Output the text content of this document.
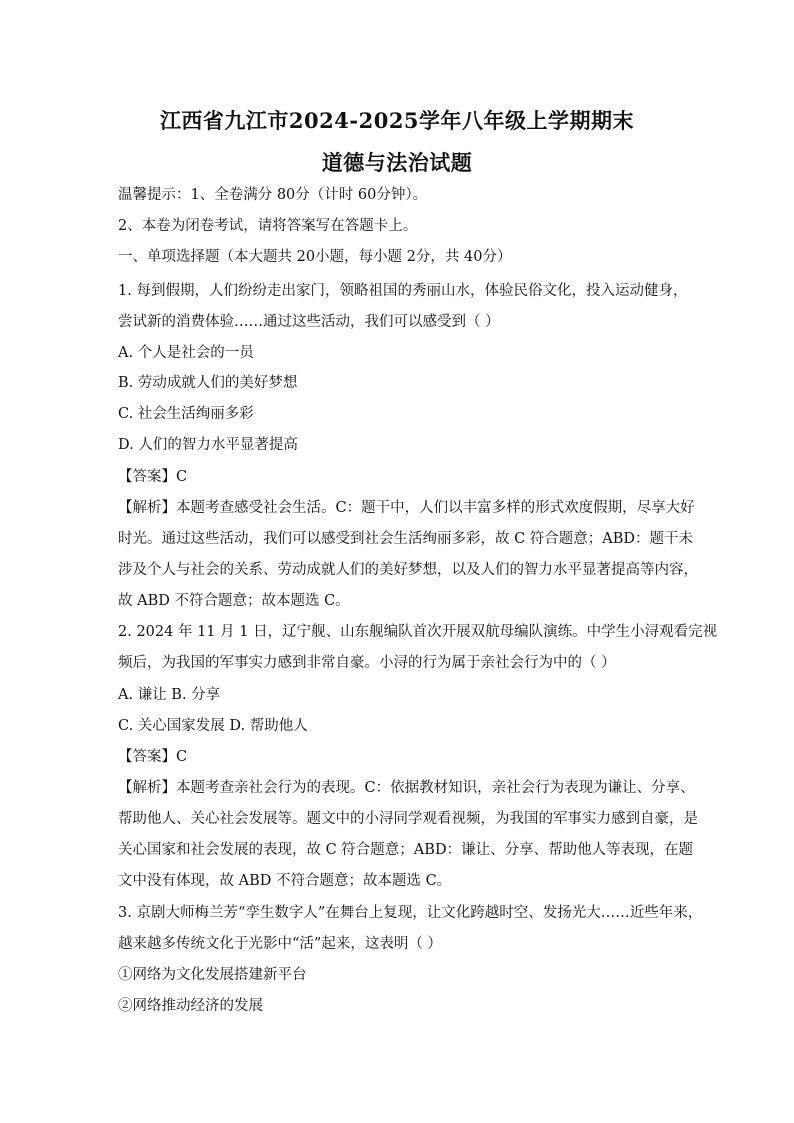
江西省九江市2024-2025学年八年级上学期期末
道德与法治试题
温馨提示：1、全卷满分 80分（计时 60分钟）。
2、本卷为闭卷考试，请将答案写在答题卡上。
一、单项选择题（本大题共 20小题，每小题 2分，共 40分）
1. 每到假期，人们纷纷走出家门，领略祖国的秀丽山水，体验民俗文化，投入运动健身，
尝试新的消费体验……通过这些活动，我们可以感受到（ ）
A. 个人是社会的一员
B. 劳动成就人们的美好梦想
C. 社会生活绚丽多彩
D. 人们的智力水平显著提高
【答案】C
【解析】本题考查感受社会生活。C：题干中，人们以丰富多样的形式欢度假期，尽享大好
时光。通过这些活动，我们可以感受到社会生活绚丽多彩，故 C 符合题意；ABD：题干未
涉及个人与社会的关系、劳动成就人们的美好梦想，以及人们的智力水平显著提高等内容，
故 ABD 不符合题意；故本题选 C。
2. 2024 年 11 月 1 日，辽宁舰、山东舰编队首次开展双航母编队演练。中学生小浔观看完视
频后，为我国的军事实力感到非常自豪。小浔的行为属于亲社会行为中的（ ）
A. 谦让 B. 分享
C. 关心国家发展 D. 帮助他人
【答案】C
【解析】本题考查亲社会行为的表现。C：依据教材知识，亲社会行为表现为谦让、分享、
帮助他人、关心社会发展等。题文中的小浔同学观看视频，为我国的军事实力感到自豪，是
关心国家和社会发展的表现，故 C 符合题意；ABD：谦让、分享、帮助他人等表现，在题
文中没有体现，故 ABD 不符合题意；故本题选 C。
3. 京剧大师梅兰芳“孪生数字人”在舞台上复现，让文化跨越时空、发扬光大……近些年来，
越来越多传统文化于光影中“活”起来，这表明（ ）
①网络为文化发展搭建新平台
②网络推动经济的发展
